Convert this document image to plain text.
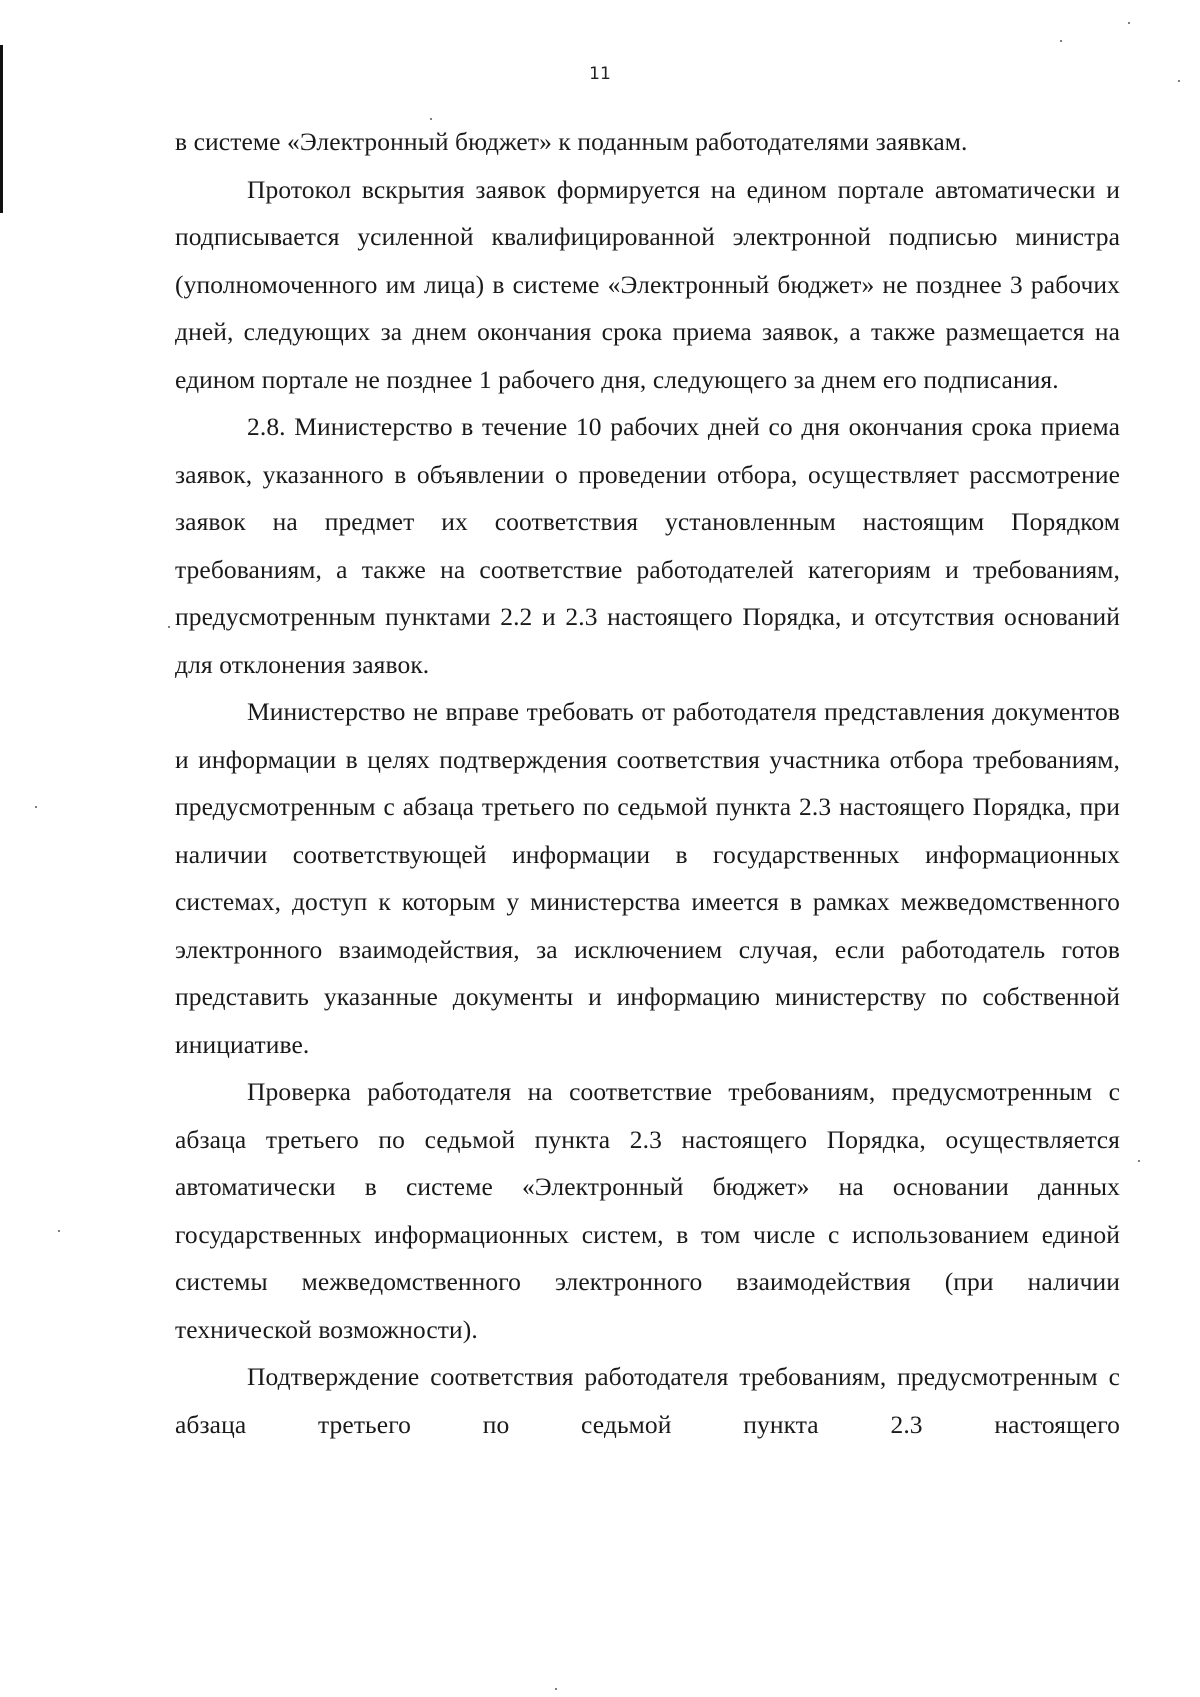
11

в системе «Электронный бюджет» к поданным работодателями заявкам.

Протокол вскрытия заявок формируется на едином портале автоматически и подписывается усиленной квалифицированной электронной подписью министра (уполномоченного им лица) в системе «Электронный бюджет» не позднее 3 рабочих дней, следующих за днем окончания срока приема заявок, а также размещается на едином портале не позднее 1 рабочего дня, следующего за днем его подписания.

2.8. Министерство в течение 10 рабочих дней со дня окончания срока приема заявок, указанного в объявлении о проведении отбора, осуществляет рассмотрение заявок на предмет их соответствия установленным настоящим Порядком требованиям, а также на соответствие работодателей категориям и требованиям, предусмотренным пунктами 2.2 и 2.3 настоящего Порядка, и отсутствия оснований для отклонения заявок.

Министерство не вправе требовать от работодателя представления документов и информации в целях подтверждения соответствия участника отбора требованиям, предусмотренным с абзаца третьего по седьмой пункта 2.3 настоящего Порядка, при наличии соответствующей информации в государственных информационных системах, доступ к которым у министерства имеется в рамках межведомственного электронного взаимодействия, за исключением случая, если работодатель готов представить указанные документы и информацию министерству по собственной инициативе.

Проверка работодателя на соответствие требованиям, предусмотренным с абзаца третьего по седьмой пункта 2.3 настоящего Порядка, осуществляется автоматически в системе «Электронный бюджет» на основании данных государственных информационных систем, в том числе с использованием единой системы межведомственного электронного взаимодействия (при наличии технической возможности).

Подтверждение соответствия работодателя требованиям, предусмотренным с абзаца третьего по седьмой пункта 2.3 настоящего
